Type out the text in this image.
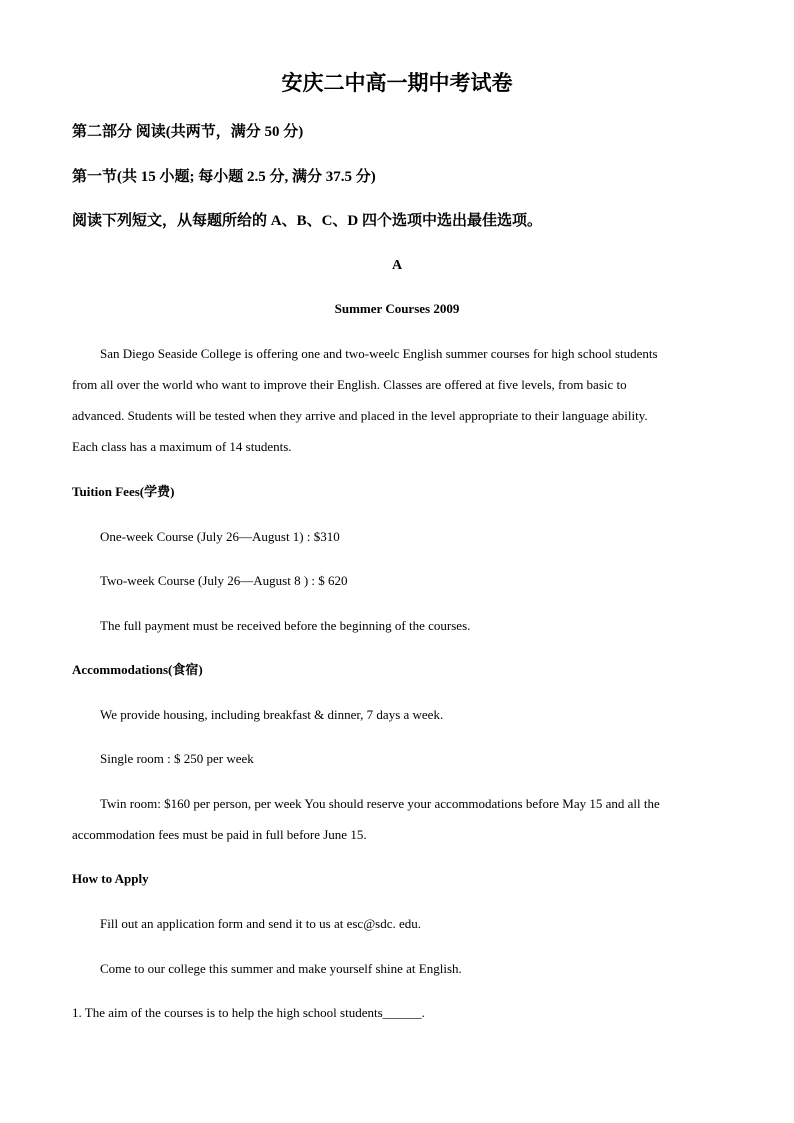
安庆二中高一期中考试卷
第二部分 阅读(共两节，满分 50 分)
第一节(共 15 小题; 每小题 2.5 分, 满分 37.5 分)
阅读下列短文，从每题所给的 A、B、C、D 四个选项中选出最佳选项。
A
Summer Courses 2009
San Diego Seaside College is offering one and two-weelc English summer courses for high school students
from all over the world who want to improve their English. Classes are offered at five levels, from basic to
advanced. Students will be tested when they arrive and placed in the level appropriate to their language ability.
Each class has a maximum of 14 students.
Tuition Fees(学费)
One-week Course (July 26—August 1) : $310
Two-week Course (July 26—August 8 ) : $ 620
The full payment must be received before the beginning of the courses.
Accommodations(食宿)
We provide housing, including breakfast & dinner, 7 days a week.
Single room : $ 250 per week
Twin room: $160 per person, per week You should reserve your accommodations before May 15 and all the
accommodation fees must be paid in full before June 15.
How to Apply
Fill out an application form and send it to us at esc@sdc. edu.
Come to our college this summer and make yourself shine at English.
1. The aim of the courses is to help the high school students______.
